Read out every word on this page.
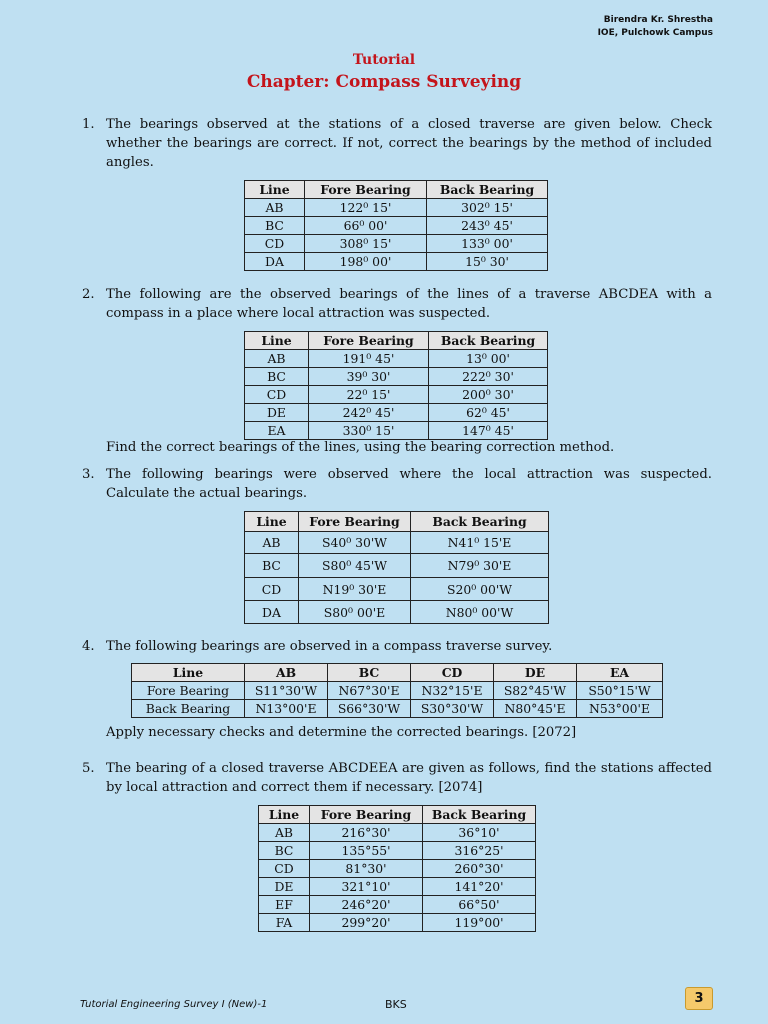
Birendra Kr. Shrestha
IOE, Pulchowk Campus
Tutorial
Chapter: Compass Surveying
1. The bearings observed at the stations of a closed traverse are given below. Check whether the bearings are correct. If not, correct the bearings by the method of included angles.
Line	Fore Bearing	Back Bearing
AB	122⁰ 15'	302⁰ 15'
BC	66⁰ 00'	243⁰ 45'
CD	308⁰ 15'	133⁰ 00'
DA	198⁰ 00'	15⁰ 30'
2. The following are the observed bearings of the lines of a traverse ABCDEA with a compass in a place where local attraction was suspected.
Line	Fore Bearing	Back Bearing
AB	191⁰ 45'	13⁰ 00'
BC	39⁰ 30'	222⁰ 30'
CD	22⁰ 15'	200⁰ 30'
DE	242⁰ 45'	62⁰ 45'
EA	330⁰ 15'	147⁰ 45'
Find the correct bearings of the lines, using the bearing correction method.
3. The following bearings were observed where the local attraction was suspected. Calculate the actual bearings.
Line	Fore Bearing	Back Bearing
AB	S40⁰ 30'W	N41⁰ 15'E
BC	S80⁰ 45'W	N79⁰ 30'E
CD	N19⁰ 30'E	S20⁰ 00'W
DA	S80⁰ 00'E	N80⁰ 00'W
4. The following bearings are observed in a compass traverse survey.
Line	AB	BC	CD	DE	EA
Fore Bearing	S11°30'W	N67°30'E	N32°15'E	S82°45'W	S50°15'W
Back Bearing	N13°00'E	S66°30'W	S30°30'W	N80°45'E	N53°00'E
Apply necessary checks and determine the corrected bearings. [2072]
5. The bearing of a closed traverse ABCDEEA are given as follows, find the stations affected by local attraction and correct them if necessary. [2074]
Line	Fore Bearing	Back Bearing
AB	216°30'	36°10'
BC	135°55'	316°25'
CD	81°30'	260°30'
DE	321°10'	141°20'
EF	246°20'	66°50'
FA	299°20'	119°00'
Tutorial Engineering Survey I (New)-1	BKS	3
